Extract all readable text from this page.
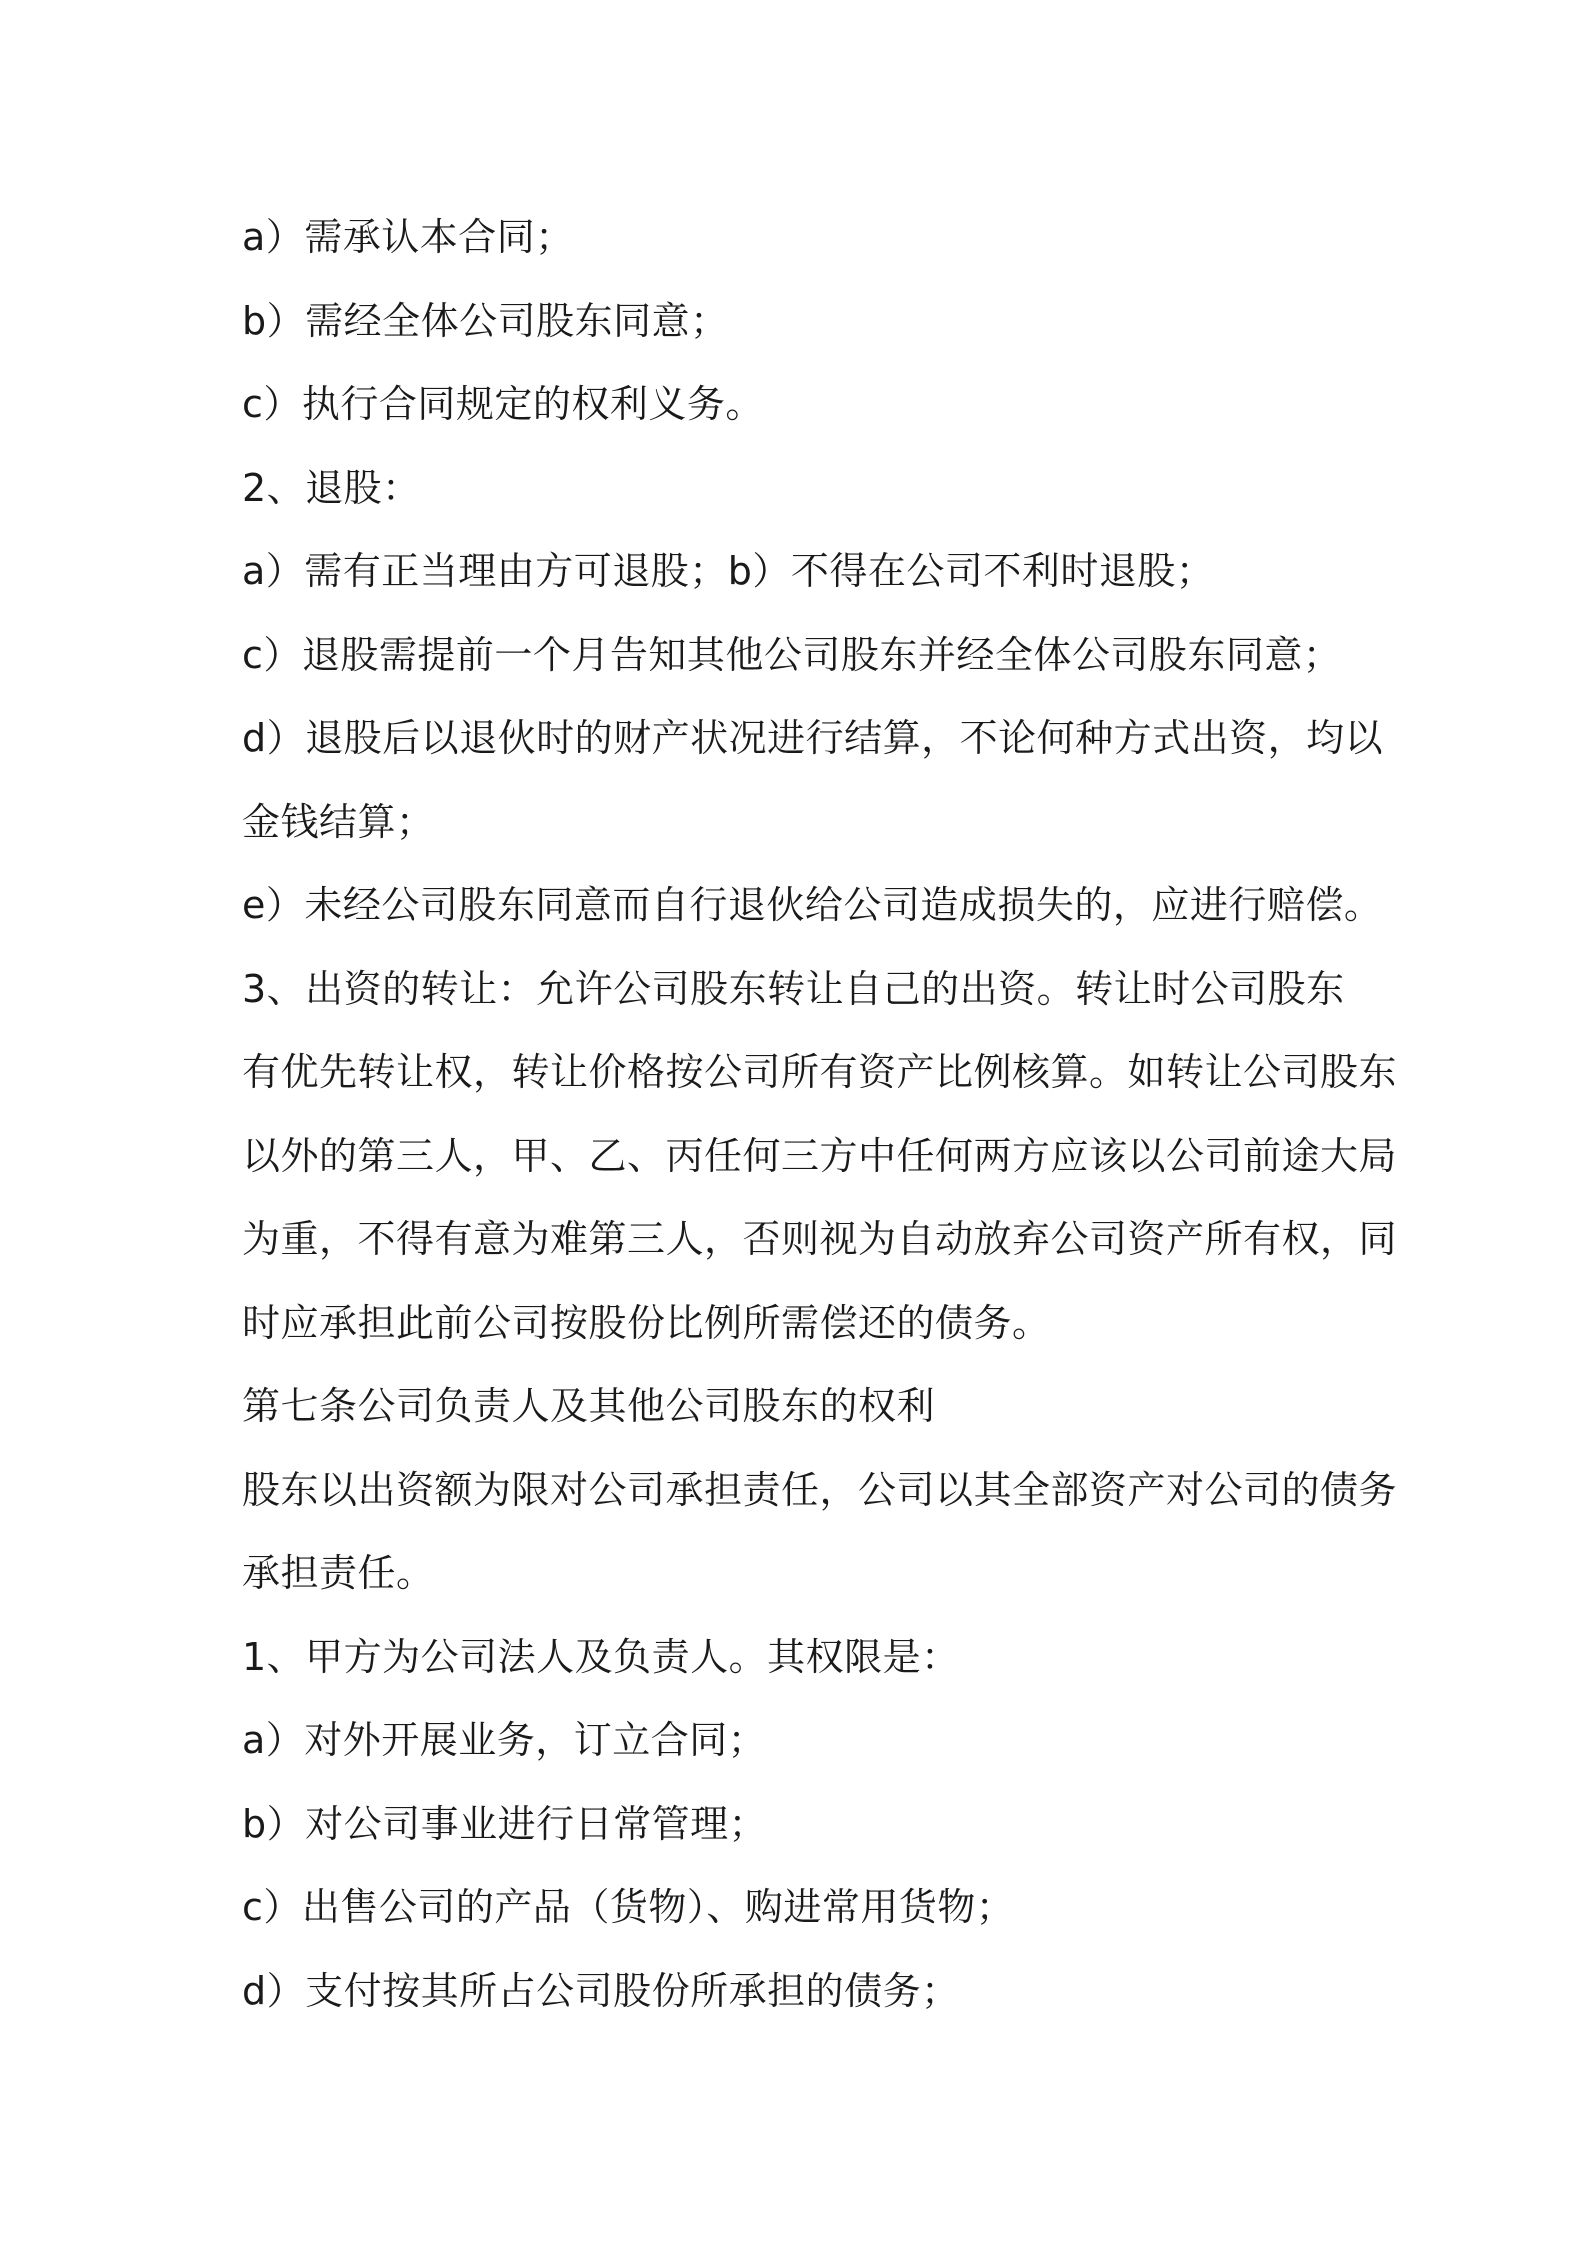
a）需承认本合同；
b）需经全体公司股东同意；
c）执行合同规定的权利义务。
2、退股：
a）需有正当理由方可退股；b）不得在公司不利时退股；
c）退股需提前一个月告知其他公司股东并经全体公司股东同意；
d）退股后以退伙时的财产状况进行结算，不论何种方式出资，均以
金钱结算；
e）未经公司股东同意而自行退伙给公司造成损失的，应进行赔偿。
3、出资的转让：允许公司股东转让自己的出资。转让时公司股东
有优先转让权，转让价格按公司所有资产比例核算。如转让公司股东
以外的第三人，甲、乙、丙任何三方中任何两方应该以公司前途大局
为重，不得有意为难第三人，否则视为自动放弃公司资产所有权，同
时应承担此前公司按股份比例所需偿还的债务。
第七条公司负责人及其他公司股东的权利
股东以出资额为限对公司承担责任，公司以其全部资产对公司的债务
承担责任。
1、甲方为公司法人及负责人。其权限是：
a）对外开展业务，订立合同；
b）对公司事业进行日常管理；
c）出售公司的产品（货物）、购进常用货物；
d）支付按其所占公司股份所承担的债务；
